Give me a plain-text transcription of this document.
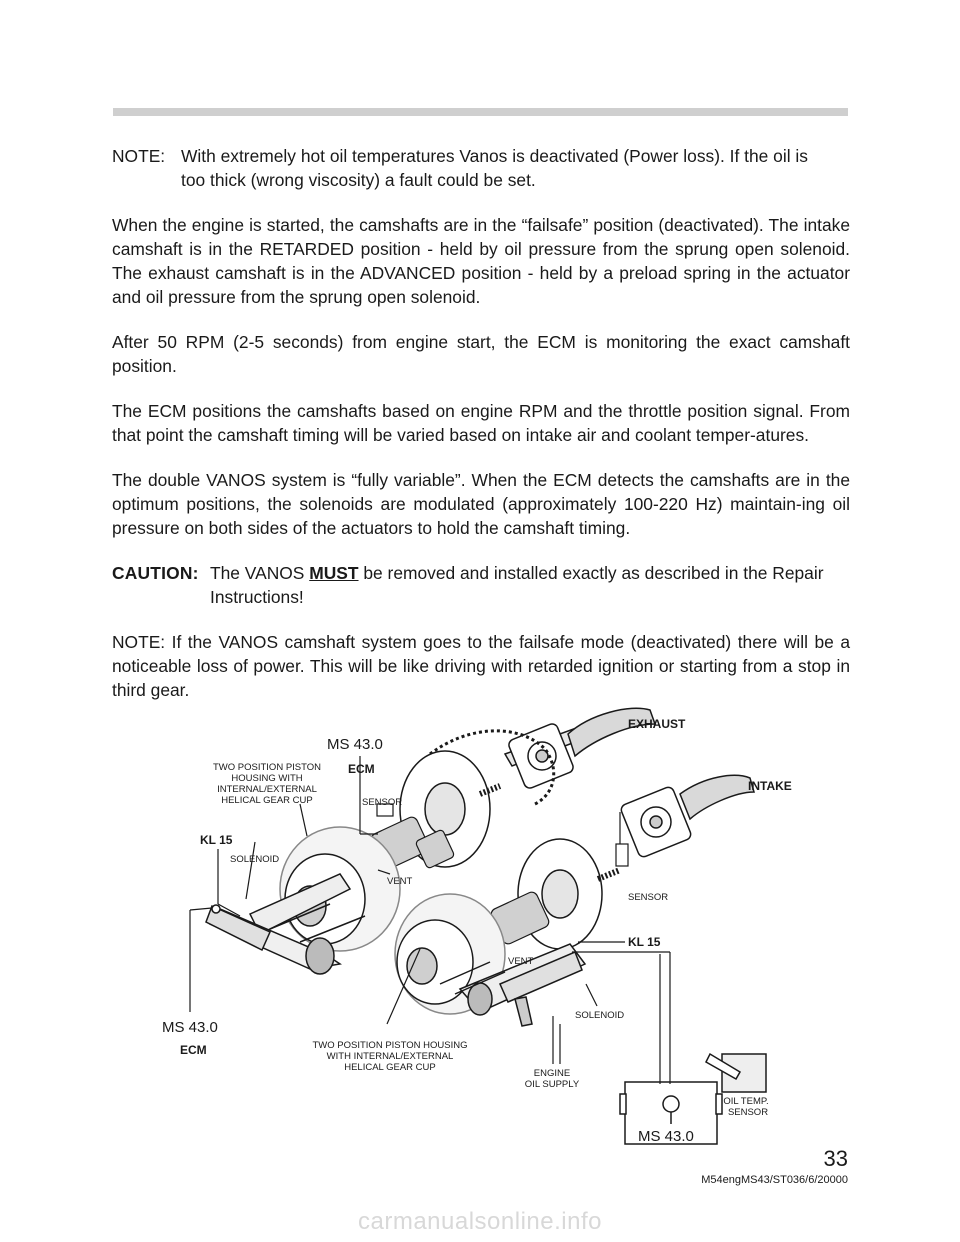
NOTE: With extremely hot oil temperatures Vanos is deactivated (Power loss). If the oil is
too thick (wrong viscosity) a fault could be set.

When the engine is started, the camshafts are in the “failsafe” position (deactivated). The intake camshaft is in the RETARDED position - held by oil pressure from the sprung open solenoid. The exhaust camshaft is in the ADVANCED position - held by a preload spring in the actuator and oil pressure from the sprung open solenoid.

After 50 RPM (2-5 seconds) from engine start, the ECM is monitoring the exact camshaft position.

The ECM positions the camshafts based on engine RPM and the throttle position signal. From that point the camshaft timing will be varied based on intake air and coolant temper-atures.

The double VANOS system is “fully variable”. When the ECM detects the camshafts are in the optimum positions, the solenoids are modulated (approximately 100-220 Hz) maintain-ing oil pressure on both sides of the actuators to hold the camshaft timing.

CAUTION: The VANOS MUST be removed and installed exactly as described in the Repair
Instructions!

NOTE: If the VANOS camshaft system goes to the failsafe mode (deactivated) there will be a noticeable loss of power. This will be like driving with retarded ignition or starting from a stop in third gear.

EXHAUST
INTAKE
MS 43.0
ECM
SENSOR
TWO POSITION PISTON
HOUSING WITH
INTERNAL/EXTERNAL
HELICAL GEAR CUP
KL 15
SOLENOID
VENT
SENSOR
KL 15
VENT
SOLENOID
MS 43.0
ECM	TWO POSITION PISTON HOUSING
WITH INTERNAL/EXTERNAL
HELICAL GEAR CUP
ENGINE
OIL SUPPLY
OIL TEMP.
SENSOR
MS 43.0
33
M54engMS43/ST036/6/20000
carmanualsonline.info
